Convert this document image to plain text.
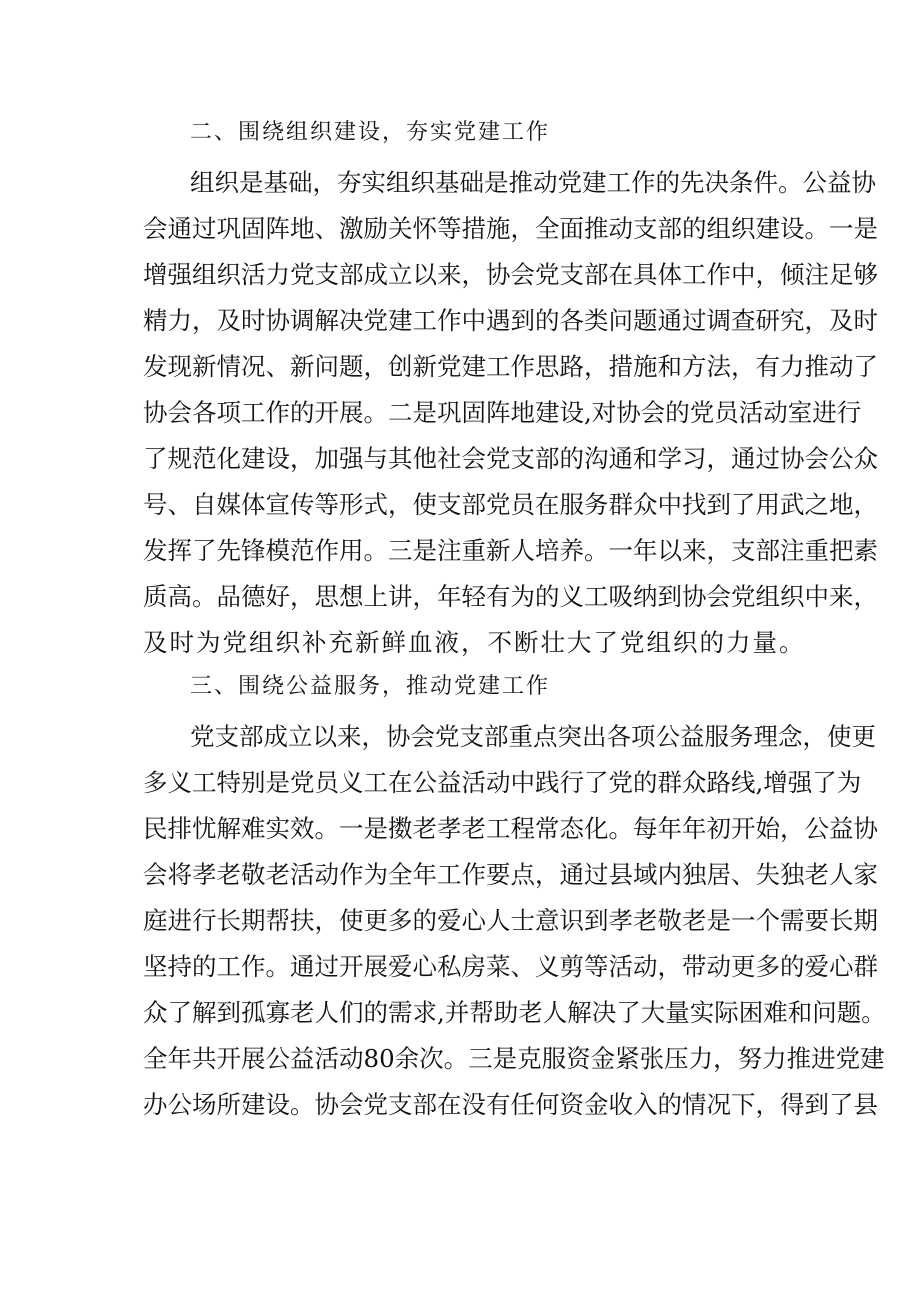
二、围绕组织建设，夯实党建工作
组织是基础，夯实组织基础是推动党建工作的先决条件。公益协
会通过巩固阵地、激励关怀等措施，全面推动支部的组织建设。一是
增强组织活力党支部成立以来，协会党支部在具体工作中，倾注足够
精力，及时协调解决党建工作中遇到的各类问题通过调查研究，及时
发现新情况、新问题，创新党建工作思路，措施和方法，有力推动了
协会各项工作的开展。二是巩固阵地建设,对协会的党员活动室进行
了规范化建设，加强与其他社会党支部的沟通和学习，通过协会公众
号、自媒体宣传等形式，使支部党员在服务群众中找到了用武之地，
发挥了先锋模范作用。三是注重新人培养。一年以来，支部注重把素
质高。品德好，思想上讲，年轻有为的义工吸纳到协会党组织中来，
及时为党组织补充新鲜血液，不断壮大了党组织的力量。
三、围绕公益服务，推动党建工作
党支部成立以来，协会党支部重点突出各项公益服务理念，使更
多义工特别是党员义工在公益活动中践行了党的群众路线,增强了为
民排忧解难实效。一是擞老孝老工程常态化。每年年初开始，公益协
会将孝老敬老活动作为全年工作要点，通过县域内独居、失独老人家
庭进行长期帮扶，使更多的爱心人士意识到孝老敬老是一个需要长期
坚持的工作。通过开展爱心私房菜、义剪等活动，带动更多的爱心群
众了解到孤寡老人们的需求,并帮助老人解决了大量实际困难和问题。
全年共开展公益活动80余次。三是克服资金紧张压力，努力推进党建
办公场所建设。协会党支部在没有任何资金收入的情况下，得到了县
